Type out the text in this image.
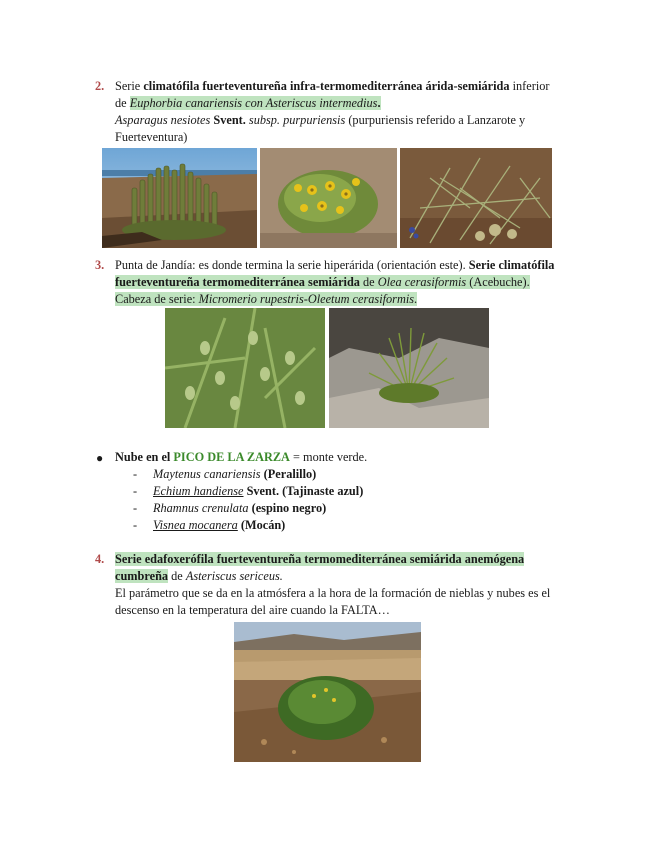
2. Serie climatófila fuerteventureña infra-termomediterránea árida-semiárida inferior
de Euphorbia canariensis con Asteriscus intermedius.
Asparagus nesiotes Svent. subsp. purpuriensis (purpuriensis referido a Lanzarote y
Fuerteventura)
3. Punta de Jandía: es donde termina la serie hiperárida (orientación este). Serie climatófila
fuerteventureña termomediterránea semiárida de Olea cerasiformis (Acebuche).
Cabeza de serie: Micromerio rupestris-Oleetum cerasiformis.
● Nube en el PICO DE LA ZARZA = monte verde.
- Maytenus canariensis (Peralillo)
- Echium handiense Svent. (Tajinaste azul)
- Rhamnus crenulata (espino negro)
- Visnea mocanera (Mocán)
4. Serie edafoxerófila fuerteventureña termomediterránea semiárida anemógena
cumbreña de Asteriscus sericeus.
El parámetro que se da en la atmósfera a la hora de la formación de nieblas y nubes es el
descenso en la temperatura del aire cuando la FALTA…
